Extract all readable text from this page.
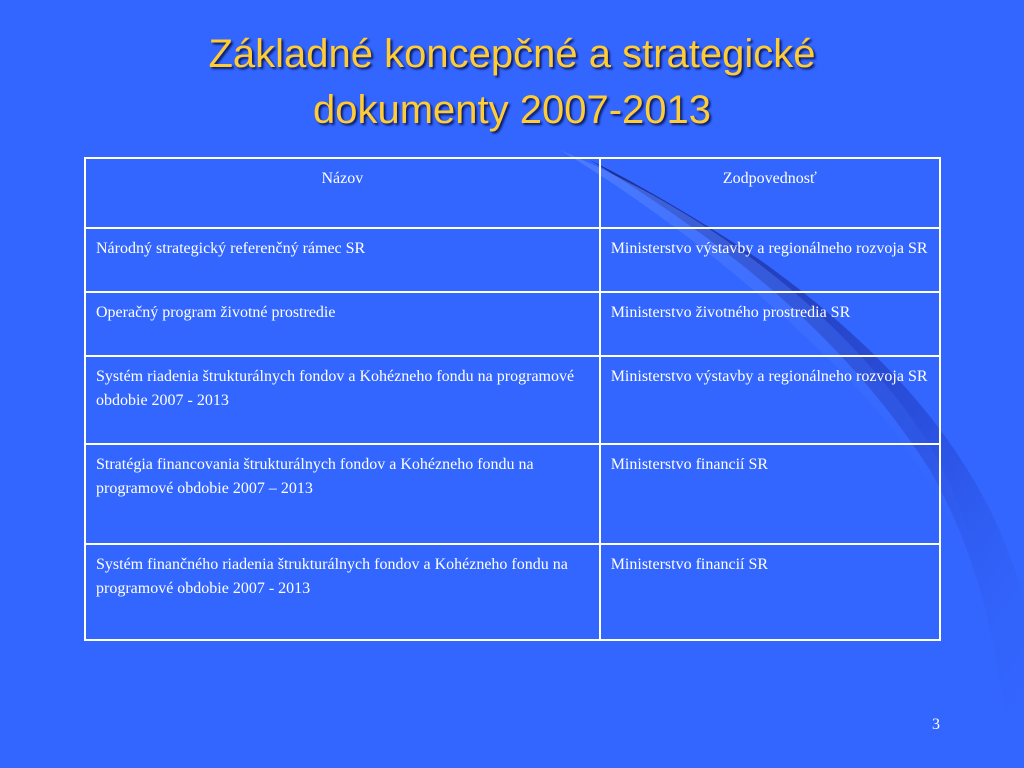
Základné koncepčné a strategické
dokumenty 2007-2013
Názov	Zodpovednosť
Národný strategický referenčný rámec SR	Ministerstvo výstavby a regionálneho rozvoja SR
Operačný program životné prostredie	Ministerstvo životného prostredia SR
Systém riadenia štrukturálnych fondov a Kohézneho fondu na programové obdobie 2007 - 2013	Ministerstvo výstavby a regionálneho rozvoja SR
Stratégia financovania štrukturálnych fondov a Kohézneho fondu na programové obdobie 2007 – 2013	Ministerstvo financií SR
Systém finančného riadenia štrukturálnych fondov a Kohézneho fondu na programové obdobie 2007 - 2013	Ministerstvo financií SR
3
